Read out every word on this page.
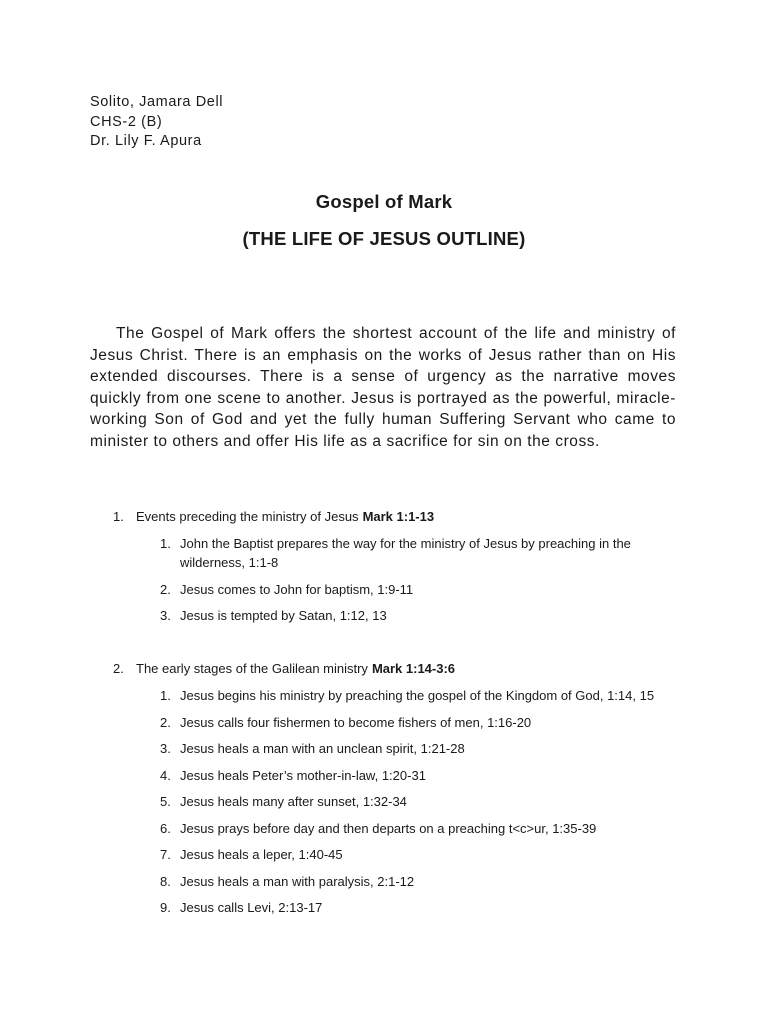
Solito, Jamara Dell
CHS-2 (B)
Dr. Lily F. Apura
Gospel of Mark
(THE LIFE OF JESUS OUTLINE)

The Gospel of Mark offers the shortest account of the life and ministry of Jesus Christ. There is an emphasis on the works of Jesus rather than on His extended discourses. There is a sense of urgency as the narrative moves quickly from one scene to another. Jesus is portrayed as the powerful, miracle-working Son of God and yet the fully human Suffering Servant who came to minister to others and offer His life as a sacrifice for sin on the cross.

1. Events preceding the ministry of Jesus Mark 1:1-13
1. John the Baptist prepares the way for the ministry of Jesus by preaching in the wilderness, 1:1-8
2. Jesus comes to John for baptism, 1:9-11
3. Jesus is tempted by Satan, 1:12, 13
2. The early stages of the Galilean ministry Mark 1:14-3:6
1. Jesus begins his ministry by preaching the gospel of the Kingdom of God, 1:14, 15
2. Jesus calls four fishermen to become fishers of men, 1:16-20
3. Jesus heals a man with an unclean spirit, 1:21-28
4. Jesus heals Peter’s mother-in-law, 1:20-31
5. Jesus heals many after sunset, 1:32-34
6. Jesus prays before day and then departs on a preaching t<c>ur, 1:35-39
7. Jesus heals a leper, 1:40-45
8. Jesus heals a man with paralysis, 2:1-12
9. Jesus calls Levi, 2:13-17
